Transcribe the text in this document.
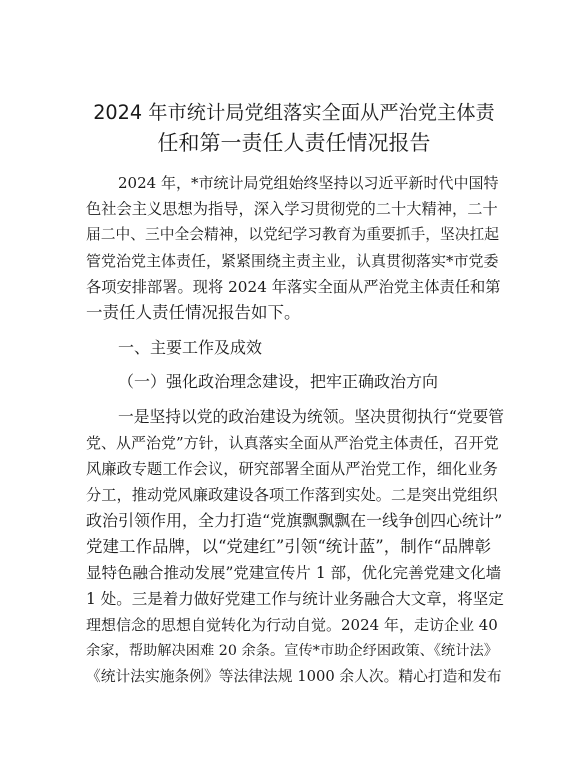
2024 年市统计局党组落实全面从严治党主体责
任和第一责任人责任情况报告

2024 年，*市统计局党组始终坚持以习近平新时代中国特

色社会主义思想为指导，深入学习贯彻党的二十大精神，二十

届二中、三中全会精神，以党纪学习教育为重要抓手，坚决扛起

管党治党主体责任，紧紧围绕主责主业，认真贯彻落实*市党委

各项安排部署。现将 2024 年落实全面从严治党主体责任和第

一责任人责任情况报告如下。

一、主要工作及成效

（一）强化政治理念建设，把牢正确政治方向

一是坚持以党的政治建设为统领。坚决贯彻执行“党要管

党、从严治党”方针，认真落实全面从严治党主体责任，召开党

风廉政专题工作会议，研究部署全面从严治党工作，细化业务

分工，推动党风廉政建设各项工作落到实处。二是突出党组织

政治引领作用，全力打造“党旗飘飘飘在一线争创四心统计”

党建工作品牌，以“党建红”引领“统计蓝”，制作“品牌彰

显特色融合推动发展”党建宣传片 1 部，优化完善党建文化墙

1 处。三是着力做好党建工作与统计业务融合大文章，将坚定

理想信念的思想自觉转化为行动自觉。2024 年，走访企业 40

余家，帮助解决困难 20 余条。宣传*市助企纾困政策、《统计法》

《统计法实施条例》等法律法规 1000 余人次。精心打造和发布
